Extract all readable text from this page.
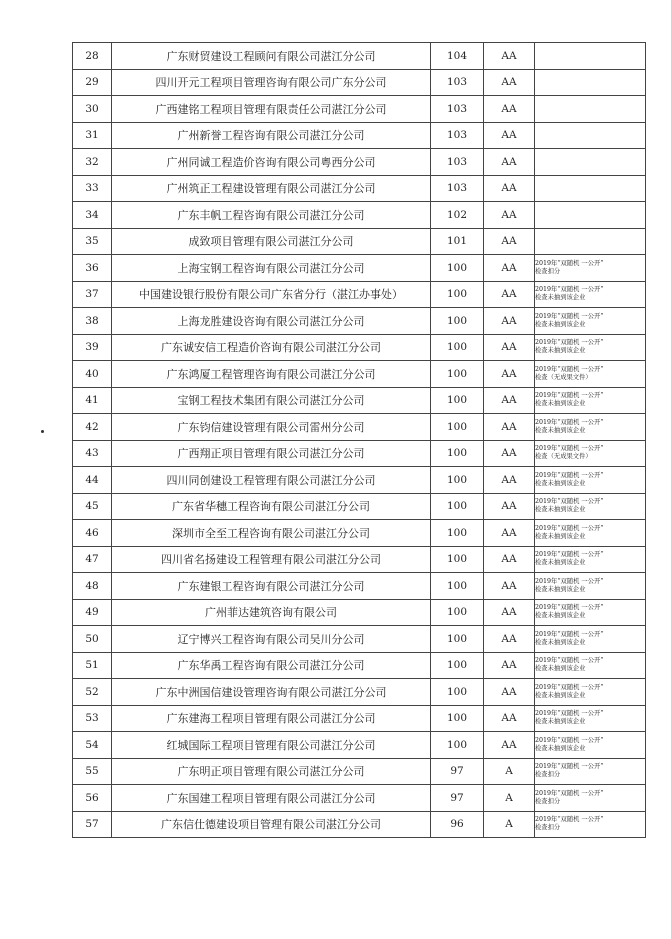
28	广东财贸建设工程顾问有限公司湛江分公司	104	AA	
29	四川开元工程项目管理咨询有限公司广东分公司	103	AA	
30	广西建铭工程项目管理有限责任公司湛江分公司	103	AA	
31	广州新誉工程咨询有限公司湛江分公司	103	AA	
32	广州同诚工程造价咨询有限公司粤西分公司	103	AA	
33	广州筑正工程建设管理有限公司湛江分公司	103	AA	
34	广东丰帆工程咨询有限公司湛江分公司	102	AA	
35	成致项目管理有限公司湛江分公司	101	AA	
36	上海宝钢工程咨询有限公司湛江分公司	100	AA	2019年“双随机 一公开”
检查扣分
37	中国建设银行股份有限公司广东省分行（湛江办事处）	100	AA	2019年“双随机 一公开”
检查未抽到该企业
38	上海龙胜建设咨询有限公司湛江分公司	100	AA	2019年“双随机 一公开”
检查未抽到该企业
39	广东诚安信工程造价咨询有限公司湛江分公司	100	AA	2019年“双随机 一公开”
检查未抽到该企业
40	广东鸿厦工程管理咨询有限公司湛江分公司	100	AA	2019年“双随机 一公开”
检查（无成果文件）
41	宝钢工程技术集团有限公司湛江分公司	100	AA	2019年“双随机 一公开”
检查未抽到该企业
42	广东钧信建设管理有限公司雷州分公司	100	AA	2019年“双随机 一公开”
检查未抽到该企业
43	广西翔正项目管理有限公司湛江分公司	100	AA	2019年“双随机 一公开”
检查（无成果文件）
44	四川同创建设工程管理有限公司湛江分公司	100	AA	2019年“双随机 一公开”
检查未抽到该企业
45	广东省华穗工程咨询有限公司湛江分公司	100	AA	2019年“双随机 一公开”
检查未抽到该企业
46	深圳市全至工程咨询有限公司湛江分公司	100	AA	2019年“双随机 一公开”
检查未抽到该企业
47	四川省名扬建设工程管理有限公司湛江分公司	100	AA	2019年“双随机 一公开”
检查未抽到该企业
48	广东建银工程咨询有限公司湛江分公司	100	AA	2019年“双随机 一公开”
检查未抽到该企业
49	广州菲达建筑咨询有限公司	100	AA	2019年“双随机 一公开”
检查未抽到该企业
50	辽宁博兴工程咨询有限公司吴川分公司	100	AA	2019年“双随机 一公开”
检查未抽到该企业
51	广东华禹工程咨询有限公司湛江分公司	100	AA	2019年“双随机 一公开”
检查未抽到该企业
52	广东中洲国信建设管理咨询有限公司湛江分公司	100	AA	2019年“双随机 一公开”
检查未抽到该企业
53	广东建海工程项目管理有限公司湛江分公司	100	AA	2019年“双随机 一公开”
检查未抽到该企业
54	红城国际工程项目管理有限公司湛江分公司	100	AA	2019年“双随机 一公开”
检查未抽到该企业
55	广东明正项目管理有限公司湛江分公司	97	A	2019年“双随机 一公开”
检查扣分
56	广东国建工程项目管理有限公司湛江分公司	97	A	2019年“双随机 一公开”
检查扣分
57	广东信仕德建设项目管理有限公司湛江分公司	96	A	2019年“双随机 一公开”
检查扣分
